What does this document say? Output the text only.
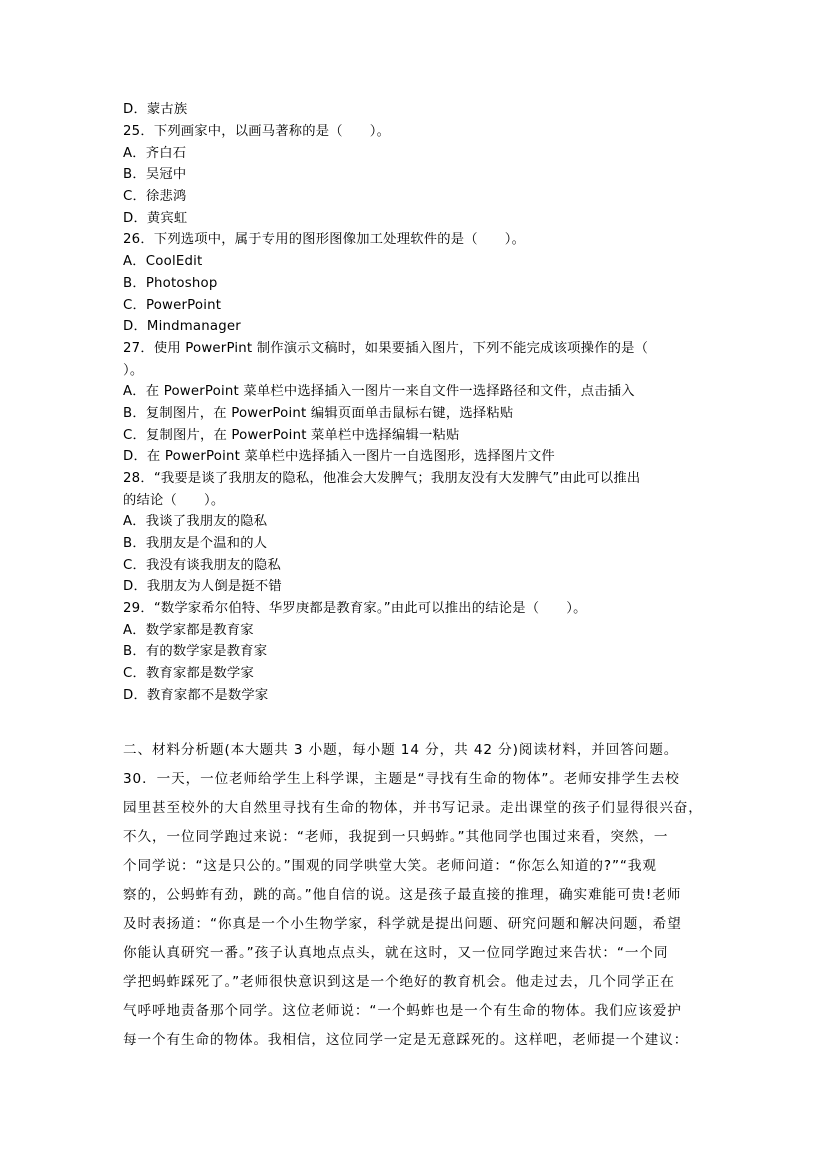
D．蒙古族
25．下列画家中，以画马著称的是（　　）。
A．齐白石
B．吴冠中
C．徐悲鸿
D．黄宾虹
26．下列选项中，属于专用的图形图像加工处理软件的是（　　）。
A．CoolEdit
B．Photoshop
C．PowerPoint
D．Mindmanager
27．使用 PowerPint 制作演示文稿时，如果要插入图片，下列不能完成该项操作的是（
）。
A．在 PowerPoint 菜单栏中选择插入一图片一来自文件一选择路径和文件，点击插入
B．复制图片，在 PowerPoint 编辑页面单击鼠标右键，选择粘贴
C．复制图片，在 PowerPoint 菜单栏中选择编辑一粘贴
D．在 PowerPoint 菜单栏中选择插入一图片一自选图形，选择图片文件
28．“我要是谈了我朋友的隐私，他准会大发脾气；我朋友没有大发脾气”由此可以推出
的结论（　　）。
A．我谈了我朋友的隐私
B．我朋友是个温和的人
C．我没有谈我朋友的隐私
D．我朋友为人倒是挺不错
29．“数学家希尔伯特、华罗庚都是教育家。”由此可以推出的结论是（　　）。
A．数学家都是教育家
B．有的数学家是教育家
C．教育家都是数学家
D．教育家都不是数学家
二、材料分析题(本大题共 3 小题，每小题 14 分，共 42 分)阅读材料，并回答问题。
30．一天，一位老师给学生上科学课，主题是“寻找有生命的物体”。老师安排学生去校
园里甚至校外的大自然里寻找有生命的物体，并书写记录。走出课堂的孩子们显得很兴奋，
不久，一位同学跑过来说：“老师，我捉到一只蚂蚱。”其他同学也围过来看，突然，一
个同学说：“这是只公的。”围观的同学哄堂大笑。老师问道：“你怎么知道的?”“我观
察的，公蚂蚱有劲，跳的高。”他自信的说。这是孩子最直接的推理，确实难能可贵!老师
及时表扬道：“你真是一个小生物学家，科学就是提出问题、研究问题和解决问题，希望
你能认真研究一番。”孩子认真地点点头，就在这时，又一位同学跑过来告状：“一个同
学把蚂蚱踩死了。”老师很快意识到这是一个绝好的教育机会。他走过去，几个同学正在
气呼呼地责备那个同学。这位老师说：“一个蚂蚱也是一个有生命的物体。我们应该爱护
每一个有生命的物体。我相信，这位同学一定是无意踩死的。这样吧，老师提一个建议：
